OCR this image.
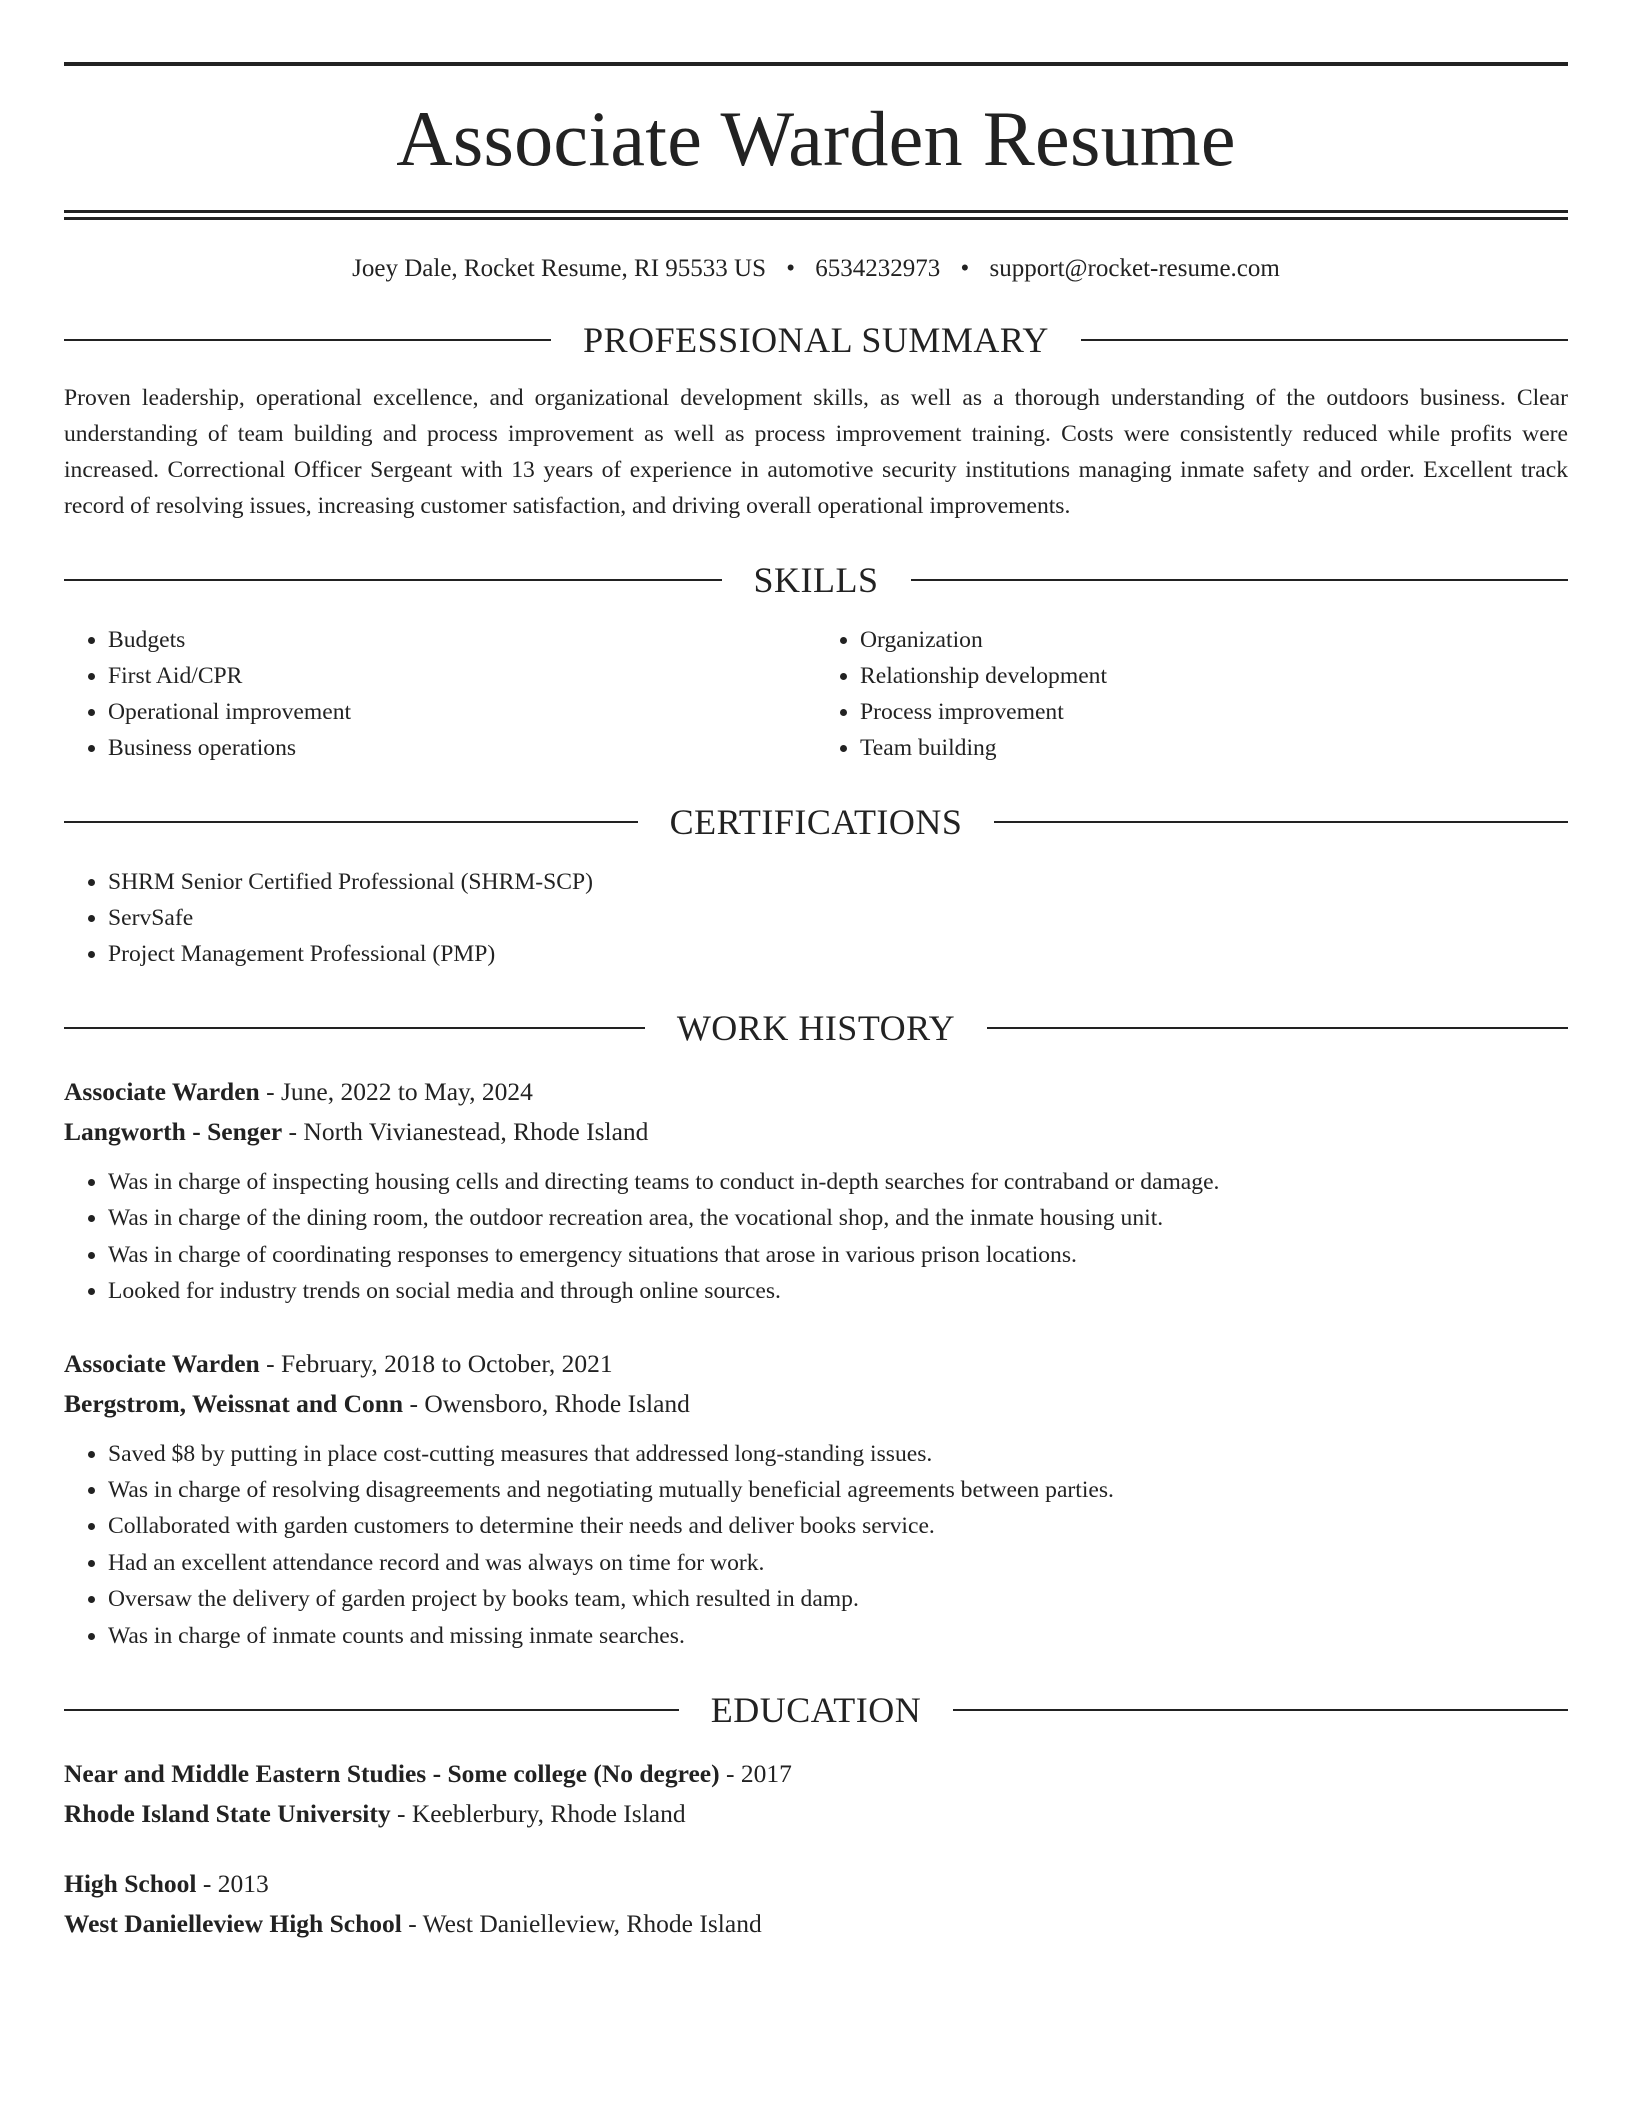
Associate Warden Resume
Joey Dale, Rocket Resume, RI 95533 US • 6534232973 • support@rocket-resume.com
PROFESSIONAL SUMMARY
Proven leadership, operational excellence, and organizational development skills, as well as a thorough understanding of the outdoors business. Clear understanding of team building and process improvement as well as process improvement training. Costs were consistently reduced while profits were increased. Correctional Officer Sergeant with 13 years of experience in automotive security institutions managing inmate safety and order. Excellent track record of resolving issues, increasing customer satisfaction, and driving overall operational improvements.
SKILLS
• Budgets
• First Aid/CPR
• Operational improvement
• Business operations
• Organization
• Relationship development
• Process improvement
• Team building
CERTIFICATIONS
• SHRM Senior Certified Professional (SHRM-SCP)
• ServSafe
• Project Management Professional (PMP)
WORK HISTORY
Associate Warden - June, 2022 to May, 2024
Langworth - Senger - North Vivianestead, Rhode Island
• Was in charge of inspecting housing cells and directing teams to conduct in-depth searches for contraband or damage.
• Was in charge of the dining room, the outdoor recreation area, the vocational shop, and the inmate housing unit.
• Was in charge of coordinating responses to emergency situations that arose in various prison locations.
• Looked for industry trends on social media and through online sources.
Associate Warden - February, 2018 to October, 2021
Bergstrom, Weissnat and Conn - Owensboro, Rhode Island
• Saved $8 by putting in place cost-cutting measures that addressed long-standing issues.
• Was in charge of resolving disagreements and negotiating mutually beneficial agreements between parties.
• Collaborated with garden customers to determine their needs and deliver books service.
• Had an excellent attendance record and was always on time for work.
• Oversaw the delivery of garden project by books team, which resulted in damp.
• Was in charge of inmate counts and missing inmate searches.
EDUCATION
Near and Middle Eastern Studies - Some college (No degree) - 2017
Rhode Island State University - Keeblerbury, Rhode Island
High School - 2013
West Danielleview High School - West Danielleview, Rhode Island
